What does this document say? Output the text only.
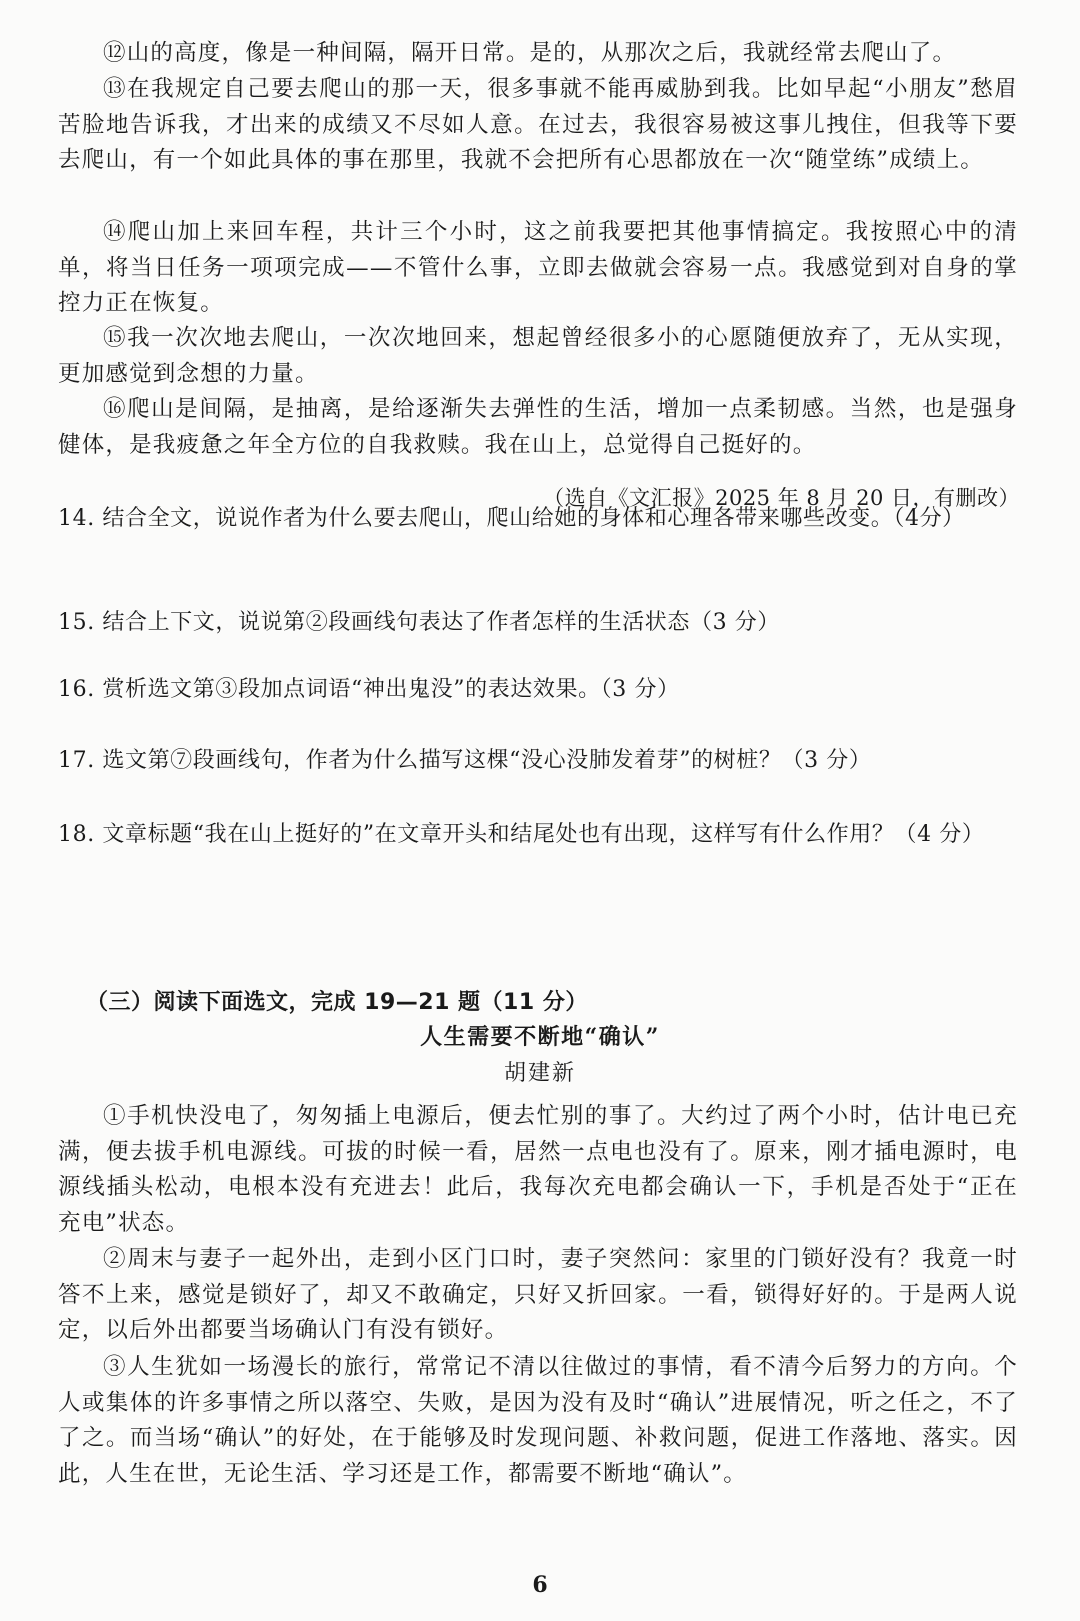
⑫山的高度，像是一种间隔，隔开日常。是的，从那次之后，我就经常去爬山了。

⑬在我规定自己要去爬山的那一天，很多事就不能再威胁到我。比如早起“小朋友”愁眉苦脸地告诉我，才出来的成绩又不尽如人意。在过去，我很容易被这事儿拽住，但我等下要去爬山，有一个如此具体的事在那里，我就不会把所有心思都放在一次“随堂练”成绩上。

⑭爬山加上来回车程，共计三个小时，这之前我要把其他事情搞定。我按照心中的清单，将当日任务一项项完成——不管什么事，立即去做就会容易一点。我感觉到对自身的掌控力正在恢复。

⑮我一次次地去爬山，一次次地回来，想起曾经很多小的心愿随便放弃了，无从实现，更加感觉到念想的力量。

⑯爬山是间隔，是抽离，是给逐渐失去弹性的生活，增加一点柔韧感。当然，也是强身健体，是我疲惫之年全方位的自我救赎。我在山上，总觉得自己挺好的。

（选自《文汇报》2025 年 8 月 20 日，有删改）

14. 结合全文，说说作者为什么要去爬山，爬山给她的身体和心理各带来哪些改变。（4分）

15. 结合上下文，说说第②段画线句表达了作者怎样的生活状态（3 分）

16. 赏析选文第③段加点词语“神出鬼没”的表达效果。（3 分）

17. 选文第⑦段画线句，作者为什么描写这棵“没心没肺发着芽”的树桩？（3 分）

18. 文章标题“我在山上挺好的”在文章开头和结尾处也有出现，这样写有什么作用？（4 分）

（三）阅读下面选文，完成 19—21 题（11 分）
人生需要不断地“确认”
胡建新

①手机快没电了，匆匆插上电源后，便去忙别的事了。大约过了两个小时，估计电已充满，便去拔手机电源线。可拔的时候一看，居然一点电也没有了。原来，刚才插电源时，电源线插头松动，电根本没有充进去！此后，我每次充电都会确认一下，手机是否处于“正在充电”状态。

②周末与妻子一起外出，走到小区门口时，妻子突然问：家里的门锁好没有？我竟一时答不上来，感觉是锁好了，却又不敢确定，只好又折回家。一看，锁得好好的。于是两人说定，以后外出都要当场确认门有没有锁好。

③人生犹如一场漫长的旅行，常常记不清以往做过的事情，看不清今后努力的方向。个人或集体的许多事情之所以落空、失败，是因为没有及时“确认”进展情况，听之任之，不了了之。而当场“确认”的好处，在于能够及时发现问题、补救问题，促进工作落地、落实。因此，人生在世，无论生活、学习还是工作，都需要不断地“确认”。

6
